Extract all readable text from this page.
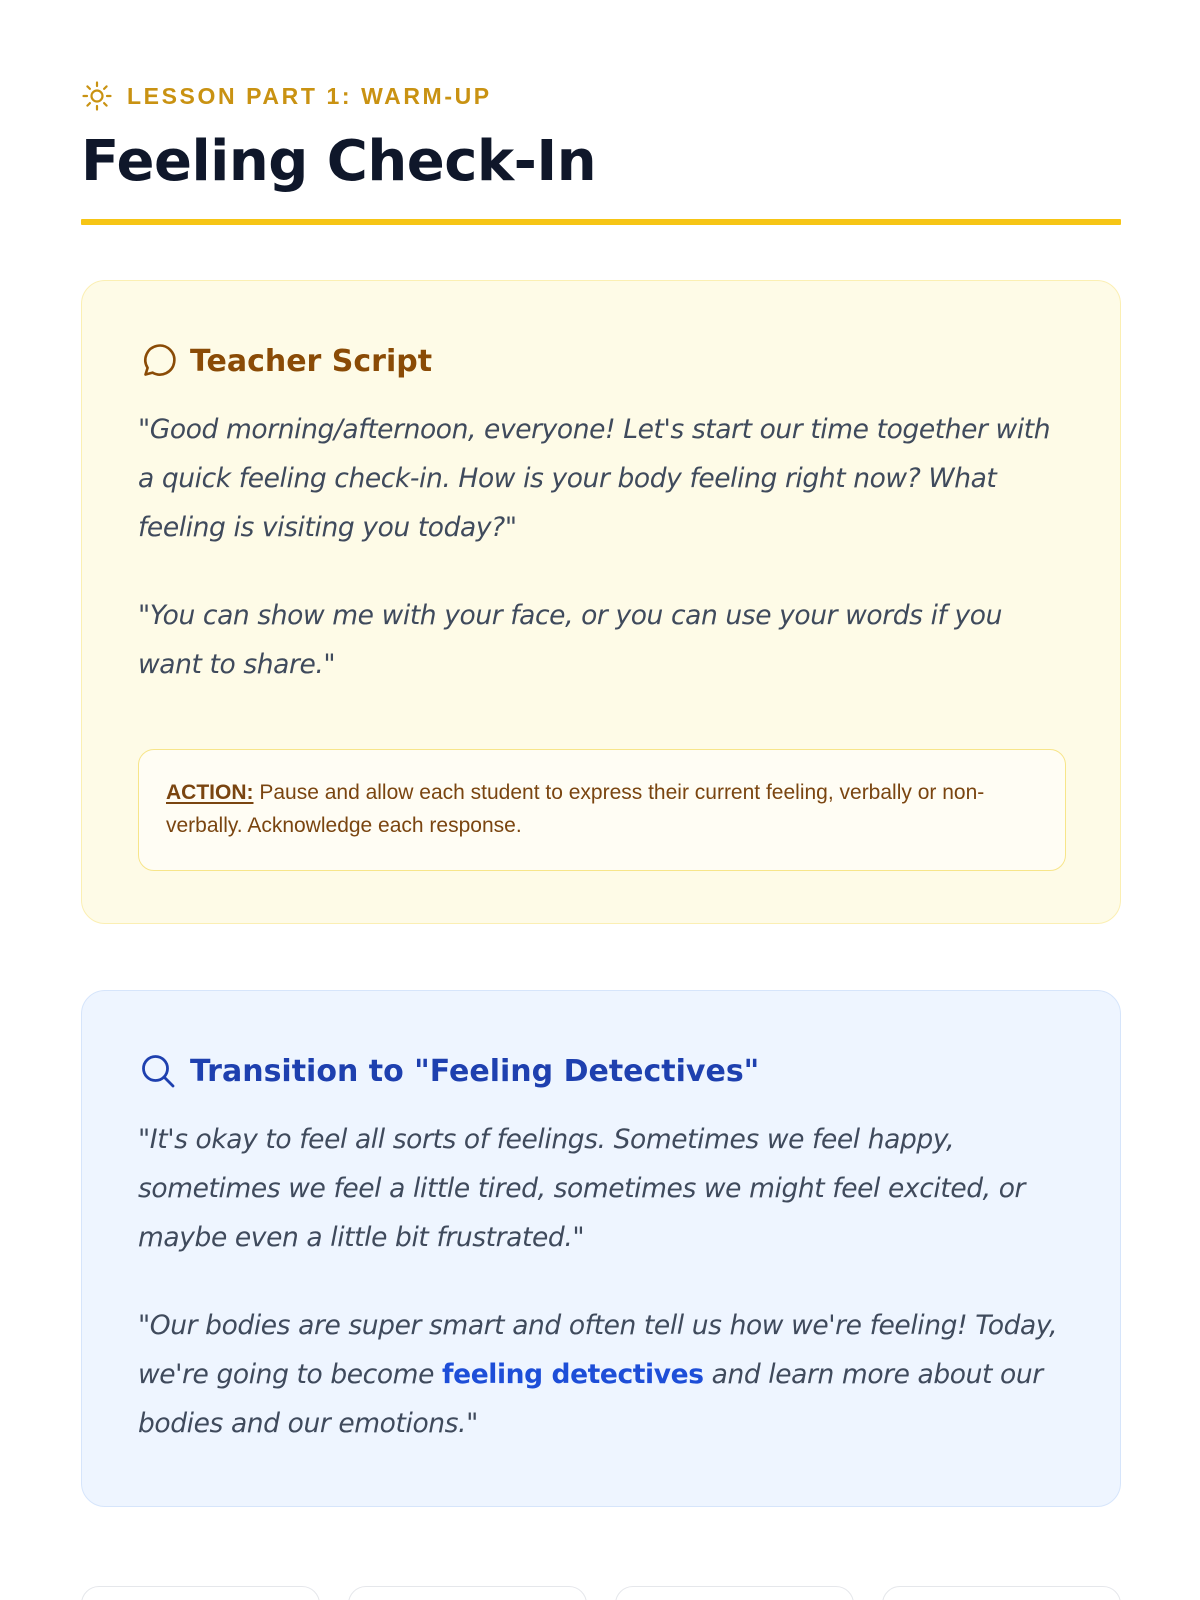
LESSON PART 1: WARM-UP
Feeling Check-In
Teacher Script

"Good morning/afternoon, everyone! Let's start our time together with a quick feeling check-in. How is your body feeling right now? What feeling is visiting you today?"

"You can show me with your face, or you can use your words if you want to share."

ACTION: Pause and allow each student to express their current feeling, verbally or non-verbally. Acknowledge each response.
Transition to "Feeling Detectives"

"It's okay to feel all sorts of feelings. Sometimes we feel happy, sometimes we feel a little tired, sometimes we might feel excited, or maybe even a little bit frustrated."

"Our bodies are super smart and often tell us how we're feeling! Today, we're going to become feeling detectives and learn more about our bodies and our emotions."
